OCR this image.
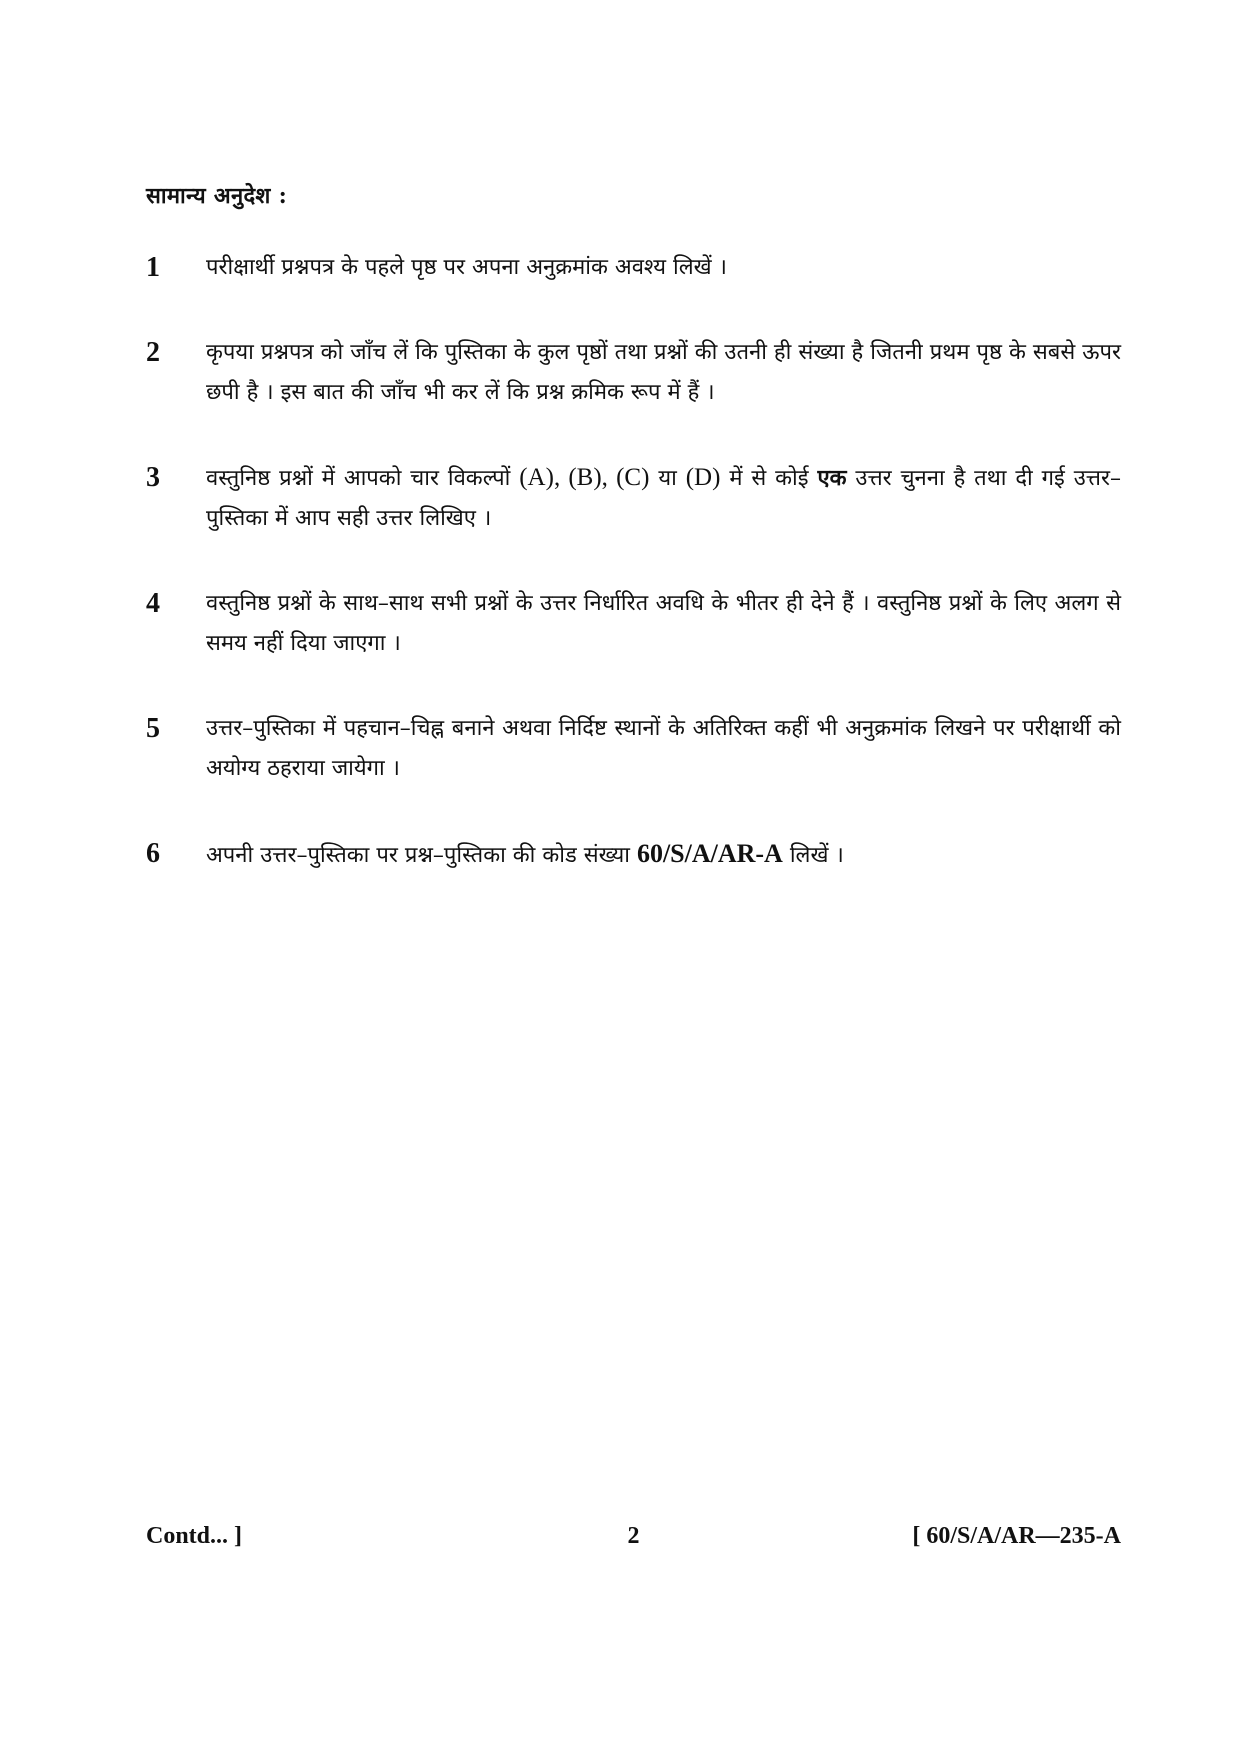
सामान्य अनुदेश :
1	परीक्षार्थी प्रश्नपत्र के पहले पृष्ठ पर अपना अनुक्रमांक अवश्य लिखें ।
2	कृपया प्रश्नपत्र को जाँच लें कि पुस्तिका के कुल पृष्ठों तथा प्रश्नों की उतनी ही संख्या है जितनी प्रथम पृष्ठ के सबसे ऊपर छपी है । इस बात की जाँच भी कर लें कि प्रश्न क्रमिक रूप में हैं ।
3	वस्तुनिष्ठ प्रश्नों में आपको चार विकल्पों (A), (B), (C) या (D) में से कोई एक उत्तर चुनना है तथा दी गई उत्तर–पुस्तिका में आप सही उत्तर लिखिए ।
4	वस्तुनिष्ठ प्रश्नों के साथ–साथ सभी प्रश्नों के उत्तर निर्धारित अवधि के भीतर ही देने हैं । वस्तुनिष्ठ प्रश्नों के लिए अलग से समय नहीं दिया जाएगा ।
5	उत्तर–पुस्तिका में पहचान–चिह्न बनाने अथवा निर्दिष्ट स्थानों के अतिरिक्त कहीं भी अनुक्रमांक लिखने पर परीक्षार्थी को अयोग्य ठहराया जायेगा ।
6	अपनी उत्तर–पुस्तिका पर प्रश्न–पुस्तिका की कोड संख्या 60/S/A/AR-A लिखें ।
Contd... ]	2	[ 60/S/A/AR—235-A
